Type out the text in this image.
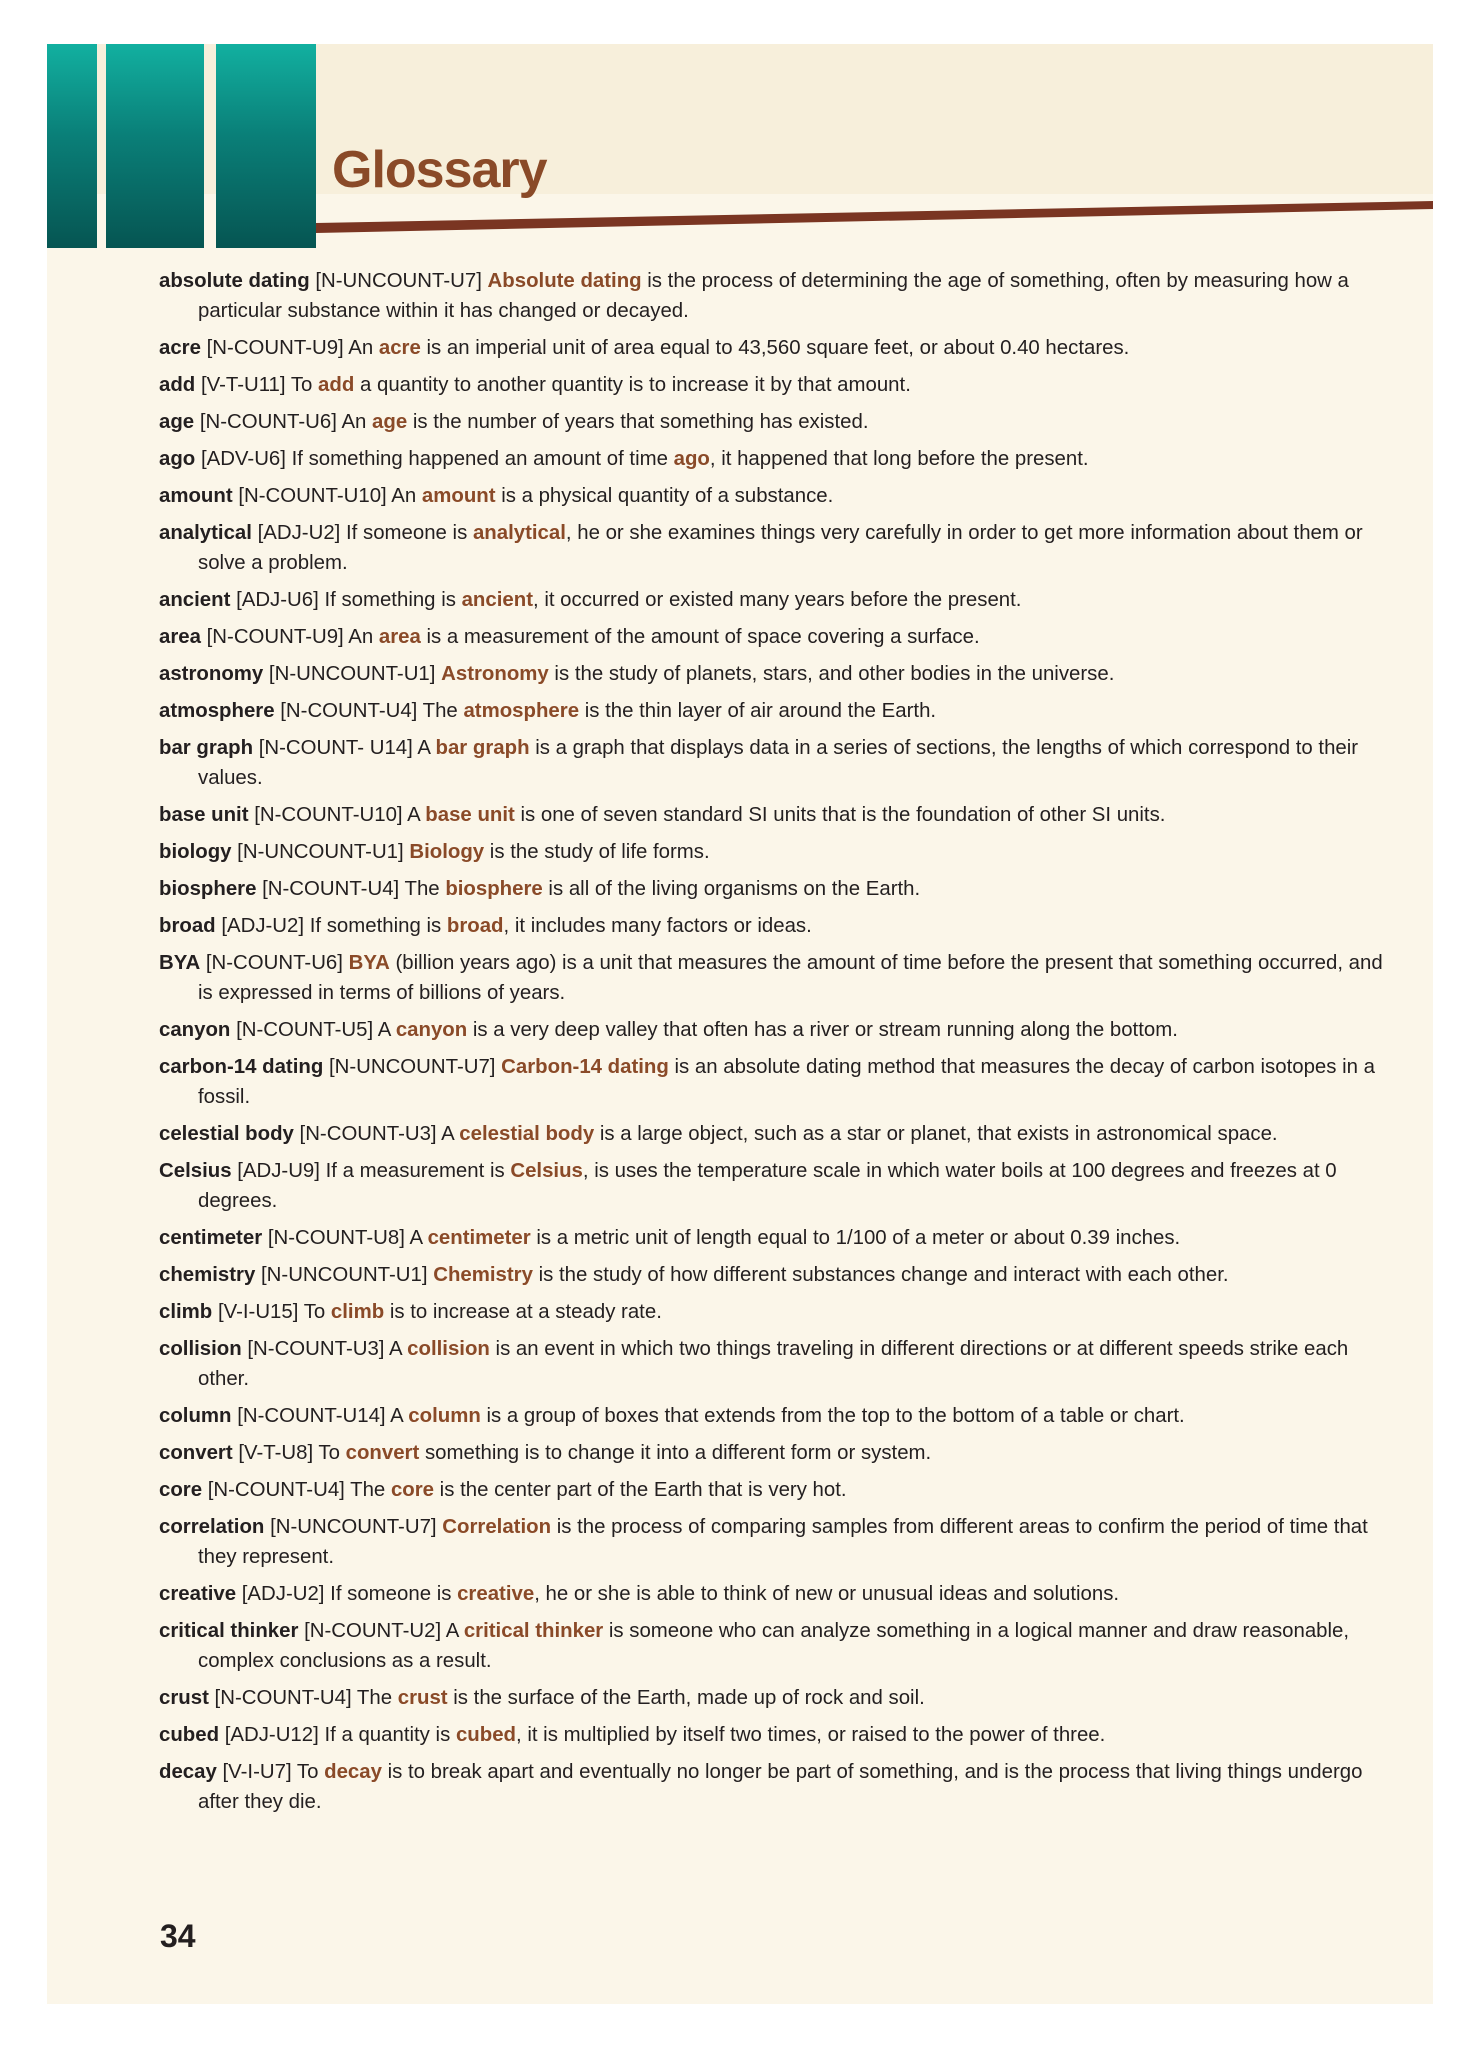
Glossary

absolute dating [N-UNCOUNT-U7] Absolute dating is the process of determining the age of something, often by measuring how a particular substance within it has changed or decayed.

acre [N-COUNT-U9] An acre is an imperial unit of area equal to 43,560 square feet, or about 0.40 hectares.

add [V-T-U11] To add a quantity to another quantity is to increase it by that amount.

age [N-COUNT-U6] An age is the number of years that something has existed.

ago [ADV-U6] If something happened an amount of time ago, it happened that long before the present.

amount [N-COUNT-U10] An amount is a physical quantity of a substance.

analytical [ADJ-U2] If someone is analytical, he or she examines things very carefully in order to get more information about them or solve a problem.

ancient [ADJ-U6] If something is ancient, it occurred or existed many years before the present.

area [N-COUNT-U9] An area is a measurement of the amount of space covering a surface.

astronomy [N-UNCOUNT-U1] Astronomy is the study of planets, stars, and other bodies in the universe.

atmosphere [N-COUNT-U4] The atmosphere is the thin layer of air around the Earth.

bar graph [N-COUNT- U14] A bar graph is a graph that displays data in a series of sections, the lengths of which correspond to their values.

base unit [N-COUNT-U10] A base unit is one of seven standard SI units that is the foundation of other SI units.

biology [N-UNCOUNT-U1] Biology is the study of life forms.

biosphere [N-COUNT-U4] The biosphere is all of the living organisms on the Earth.

broad [ADJ-U2] If something is broad, it includes many factors or ideas.

BYA [N-COUNT-U6] BYA (billion years ago) is a unit that measures the amount of time before the present that something occurred, and is expressed in terms of billions of years.

canyon [N-COUNT-U5] A canyon is a very deep valley that often has a river or stream running along the bottom.

carbon-14 dating [N-UNCOUNT-U7] Carbon-14 dating is an absolute dating method that measures the decay of carbon isotopes in a fossil.

celestial body [N-COUNT-U3] A celestial body is a large object, such as a star or planet, that exists in astronomical space.

Celsius [ADJ-U9] If a measurement is Celsius, is uses the temperature scale in which water boils at 100 degrees and freezes at 0 degrees.

centimeter [N-COUNT-U8] A centimeter is a metric unit of length equal to 1/100 of a meter or about 0.39 inches.

chemistry [N-UNCOUNT-U1] Chemistry is the study of how different substances change and interact with each other.

climb [V-I-U15] To climb is to increase at a steady rate.

collision [N-COUNT-U3] A collision is an event in which two things traveling in different directions or at different speeds strike each other.

column [N-COUNT-U14] A column is a group of boxes that extends from the top to the bottom of a table or chart.

convert [V-T-U8] To convert something is to change it into a different form or system.

core [N-COUNT-U4] The core is the center part of the Earth that is very hot.

correlation [N-UNCOUNT-U7] Correlation is the process of comparing samples from different areas to confirm the period of time that they represent.

creative [ADJ-U2] If someone is creative, he or she is able to think of new or unusual ideas and solutions.

critical thinker [N-COUNT-U2] A critical thinker is someone who can analyze something in a logical manner and draw reasonable, complex conclusions as a result.

crust [N-COUNT-U4] The crust is the surface of the Earth, made up of rock and soil.

cubed [ADJ-U12] If a quantity is cubed, it is multiplied by itself two times, or raised to the power of three.

decay [V-I-U7] To decay is to break apart and eventually no longer be part of something, and is the process that living things undergo after they die.

34
